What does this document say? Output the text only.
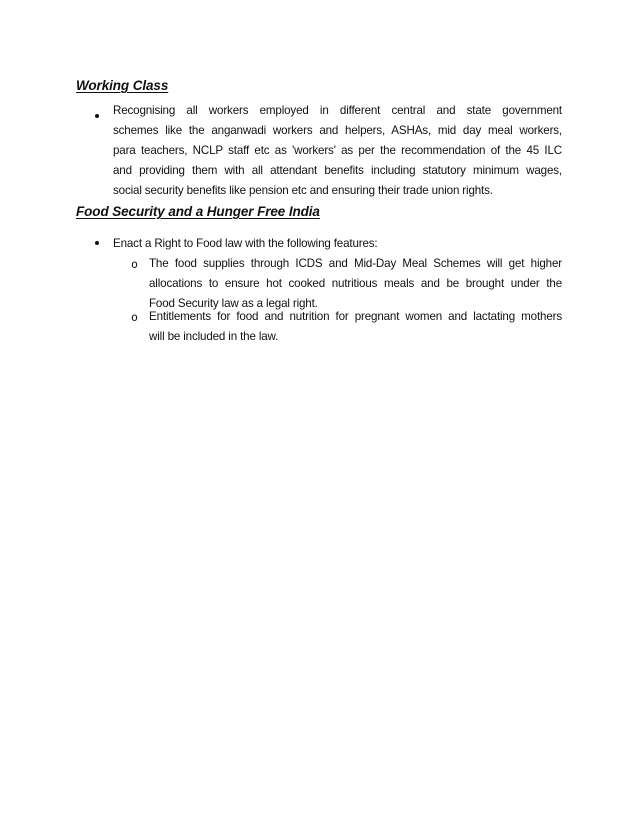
Working Class
Recognising all workers employed in different central and state government
schemes like the anganwadi workers and helpers, ASHAs, mid day meal workers,
para teachers, NCLP staff etc as 'workers' as per the recommendation of the 45 ILC
and providing them with all attendant benefits including statutory minimum wages,
social security benefits like pension etc and ensuring their trade union rights.
Food Security and a Hunger Free India
Enact a Right to Food law with the following features:
o The food supplies through ICDS and Mid-Day Meal Schemes will get higher
allocations to ensure hot cooked nutritious meals and be brought under the
Food Security law as a legal right.
o Entitlements for food and nutrition for pregnant women and lactating mothers
will be included in the law.
